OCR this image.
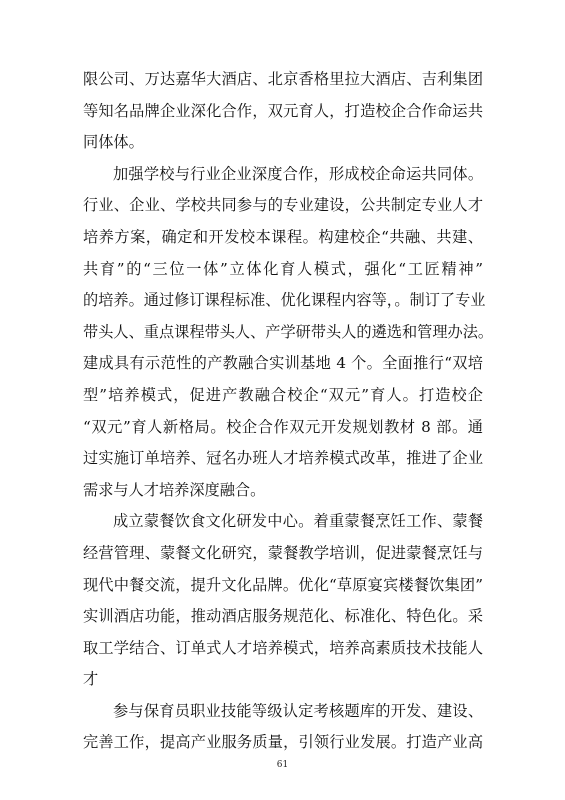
限公司、万达嘉华大酒店、北京香格里拉大酒店、吉利集团
等知名品牌企业深化合作，双元育人，打造校企合作命运共
同体体。
加强学校与行业企业深度合作，形成校企命运共同体。
行业、企业、学校共同参与的专业建设，公共制定专业人才
培养方案，确定和开发校本课程。构建校企“共融、共建、
共育”的“三位一体”立体化育人模式，强化“工匠精神”
的培养。通过修订课程标准、优化课程内容等，。制订了专业
带头人、重点课程带头人、产学研带头人的遴选和管理办法。
建成具有示范性的产教融合实训基地 4 个。全面推行“双培
型”培养模式，促进产教融合校企“双元”育人。打造校企
“双元”育人新格局。校企合作双元开发规划教材 8 部。通
过实施订单培养、冠名办班人才培养模式改革，推进了企业
需求与人才培养深度融合。
成立蒙餐饮食文化研发中心。着重蒙餐烹饪工作、蒙餐
经营管理、蒙餐文化研究，蒙餐教学培训，促进蒙餐烹饪与
现代中餐交流，提升文化品牌。优化“草原宴宾楼餐饮集团”
实训酒店功能，推动酒店服务规范化、标准化、特色化。采
取工学结合、订单式人才培养模式，培养高素质技术技能人
才
参与保育员职业技能等级认定考核题库的开发、建设、
完善工作，提高产业服务质量，引领行业发展。打造产业高
61
